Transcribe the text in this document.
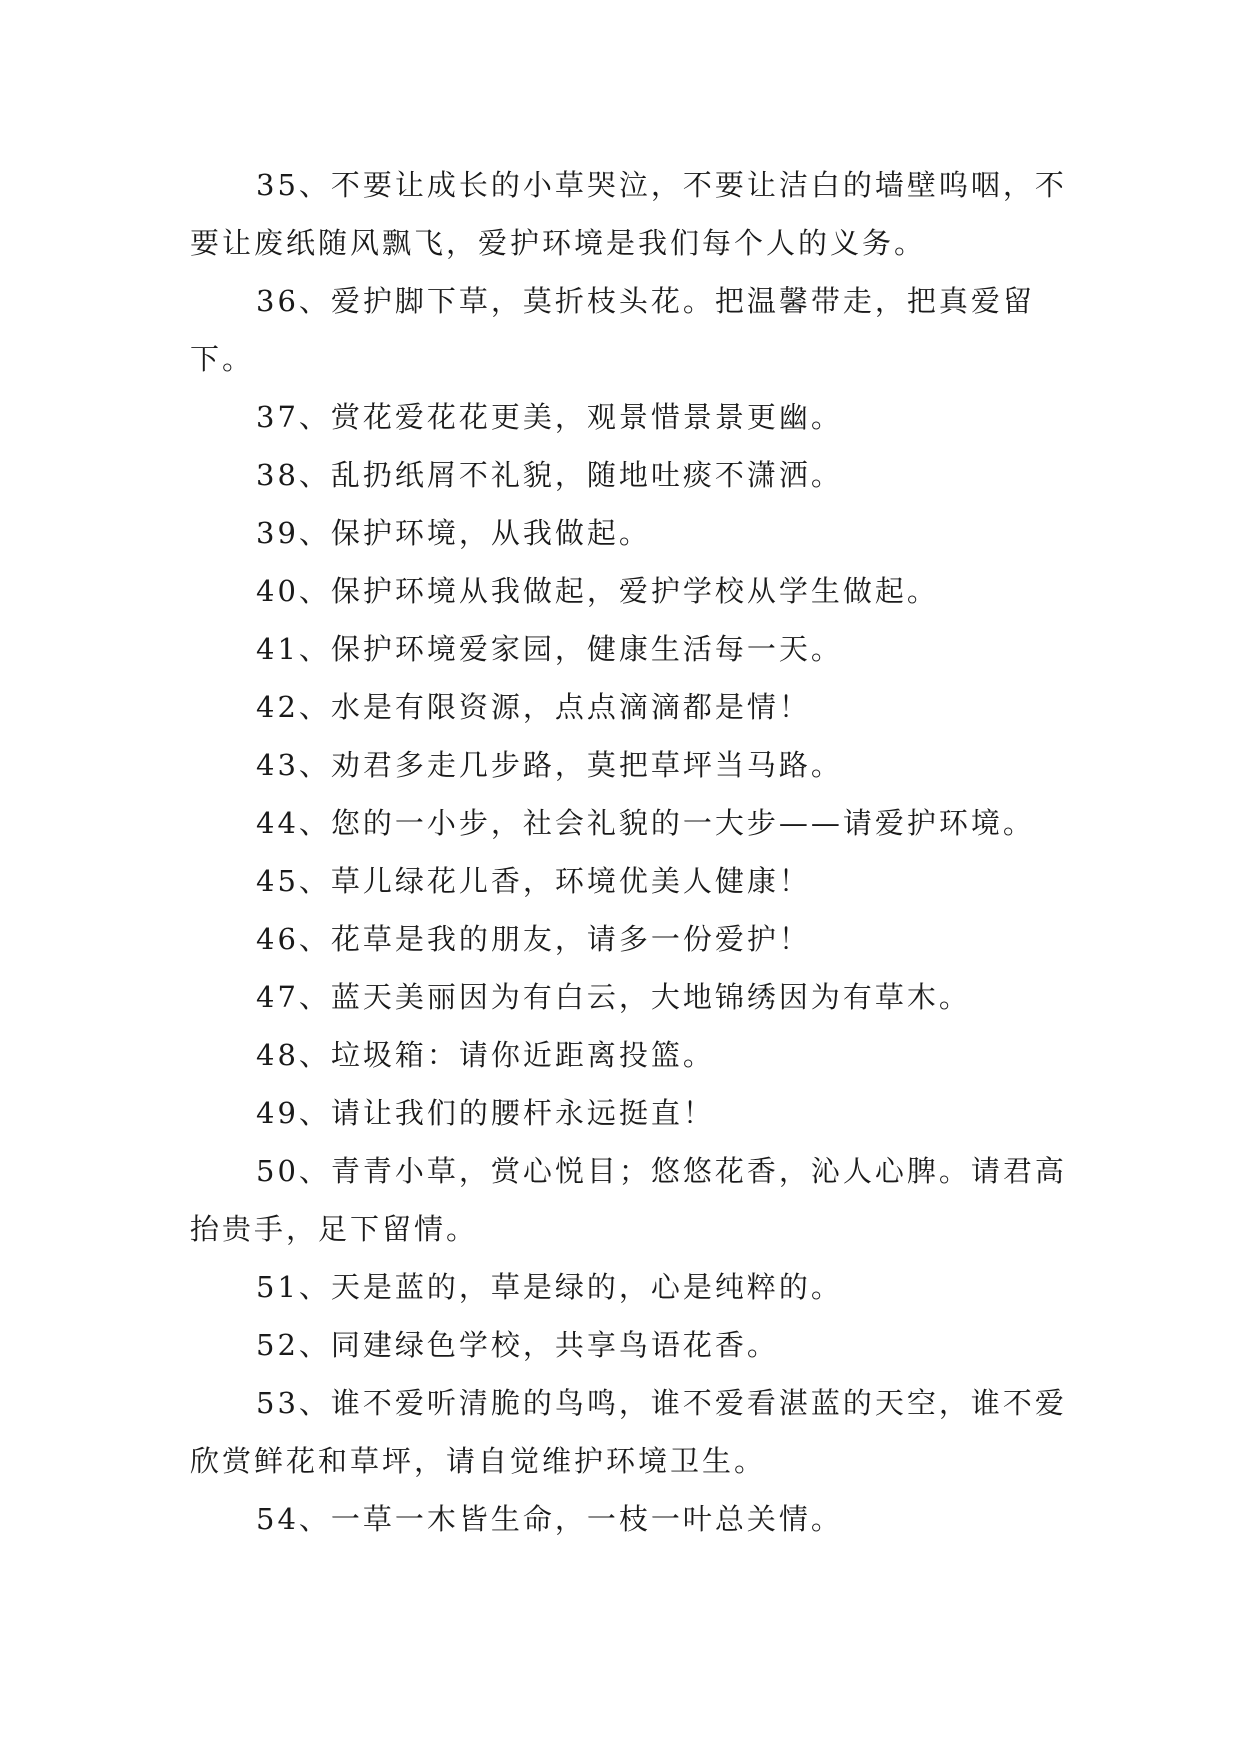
35、不要让成长的小草哭泣，不要让洁白的墙壁呜咽，不要让废纸随风飘飞，爱护环境是我们每个人的义务。

36、爱护脚下草，莫折枝头花。把温馨带走，把真爱留下。

37、赏花爱花花更美，观景惜景景更幽。

38、乱扔纸屑不礼貌，随地吐痰不潇洒。

39、保护环境，从我做起。

40、保护环境从我做起，爱护学校从学生做起。

41、保护环境爱家园，健康生活每一天。

42、水是有限资源，点点滴滴都是情！

43、劝君多走几步路，莫把草坪当马路。

44、您的一小步，社会礼貌的一大步——请爱护环境。

45、草儿绿花儿香，环境优美人健康！

46、花草是我的朋友，请多一份爱护！

47、蓝天美丽因为有白云，大地锦绣因为有草木。

48、垃圾箱：请你近距离投篮。

49、请让我们的腰杆永远挺直！

50、青青小草，赏心悦目；悠悠花香，沁人心脾。请君高抬贵手，足下留情。

51、天是蓝的，草是绿的，心是纯粹的。

52、同建绿色学校，共享鸟语花香。

53、谁不爱听清脆的鸟鸣，谁不爱看湛蓝的天空，谁不爱欣赏鲜花和草坪，请自觉维护环境卫生。

54、一草一木皆生命，一枝一叶总关情。
